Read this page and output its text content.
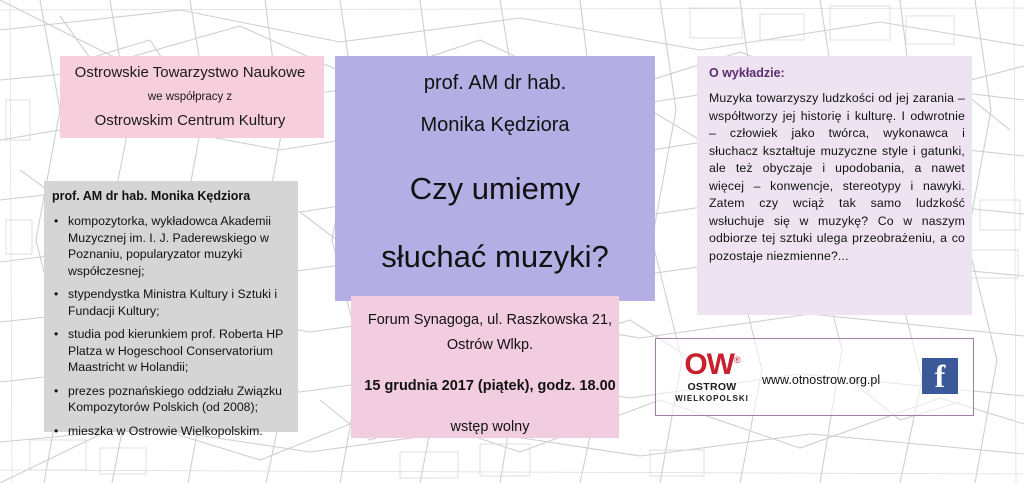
Ostrowskie Towarzystwo Naukowe
we współpracy z
Ostrowskim Centrum Kultury

prof. AM dr hab. Monika Kędziora

• kompozytorka, wykładowca Akademii Muzycznej im. I. J. Paderewskiego w Poznaniu, popularyzator muzyki współczesnej;
• stypendystka Ministra Kultury i Sztuki i Fundacji Kultury;
• studia pod kierunkiem prof. Roberta HP Platza w Hogeschool Conservatorium Maastricht w Holandii;
• prezes poznańskiego oddziału Związku Kompozytorów Polskich (od 2008);
• mieszka w Ostrowie Wielkopolskim.
prof. AM dr hab.
Monika Kędziora
Czy umiemy
słuchać muzyki?
Forum Synagoga, ul. Raszkowska 21,
Ostrów Wlkp.
15 grudnia 2017 (piątek), godz. 18.00
wstęp wolny

O wykładzie:

Muzyka towarzyszy ludzkości od jej zarania – współtworzy jej historię i kulturę. I odwrotnie – człowiek jako twórca, wykonawca i słuchacz kształtuje muzyczne style i gatunki, ale też obyczaje i upodobania, a nawet więcej – konwencje, stereotypy i nawyki. Zatem czy wciąż tak samo ludzkość wsłuchuje się w muzykę? Co w naszym odbiorze tej sztuki ulega przeobrażeniu, a co pozostaje niezmienne?...

OW®
OSTROW
WIELKOPOLSKI
www.otnostrow.org.pl	f
